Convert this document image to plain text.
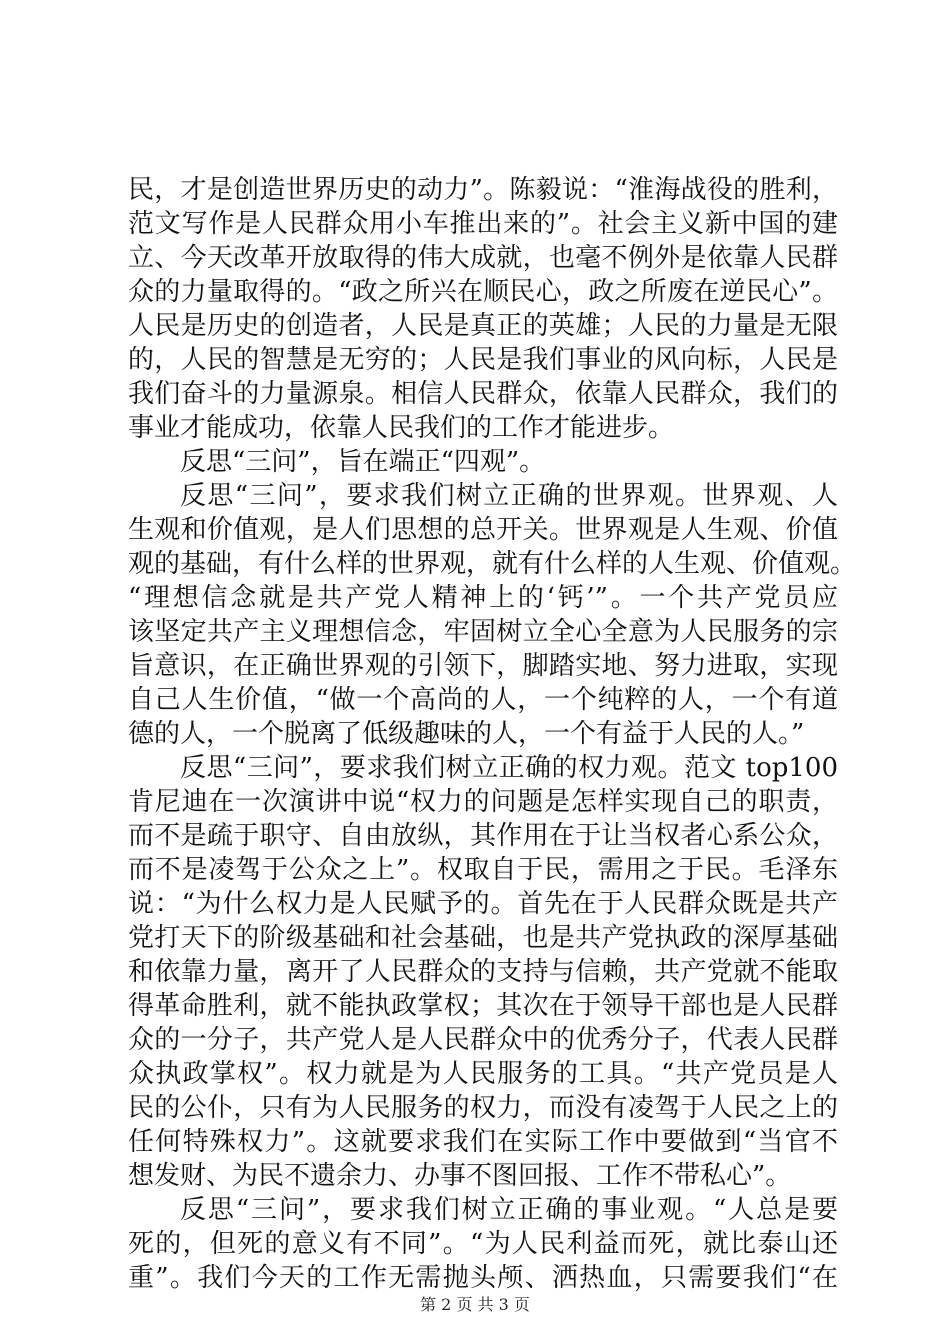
民，才是创造世界历史的动力”。陈毅说：“淮海战役的胜利，
范文写作是人民群众用小车推出来的”。社会主义新中国的建
立、今天改革开放取得的伟大成就，也毫不例外是依靠人民群
众的力量取得的。“政之所兴在顺民心，政之所废在逆民心”。
人民是历史的创造者，人民是真正的英雄；人民的力量是无限
的，人民的智慧是无穷的；人民是我们事业的风向标，人民是
我们奋斗的力量源泉。相信人民群众，依靠人民群众，我们的
事业才能成功，依靠人民我们的工作才能进步。
反思“三问”，旨在端正“四观”。
反思“三问”，要求我们树立正确的世界观。世界观、人
生观和价值观，是人们思想的总开关。世界观是人生观、价值
观的基础，有什么样的世界观，就有什么样的人生观、价值观。
“理想信念就是共产党人精神上的‘钙’”。一个共产党员应
该坚定共产主义理想信念，牢固树立全心全意为人民服务的宗
旨意识，在正确世界观的引领下，脚踏实地、努力进取，实现
自己人生价值，“做一个高尚的人，一个纯粹的人，一个有道
德的人，一个脱离了低级趣味的人，一个有益于人民的人。”
反思“三问”，要求我们树立正确的权力观。范文 top100
肯尼迪在一次演讲中说“权力的问题是怎样实现自己的职责，
而不是疏于职守、自由放纵，其作用在于让当权者心系公众，
而不是凌驾于公众之上”。权取自于民，需用之于民。毛泽东
说：“为什么权力是人民赋予的。首先在于人民群众既是共产
党打天下的阶级基础和社会基础，也是共产党执政的深厚基础
和依靠力量，离开了人民群众的支持与信赖，共产党就不能取
得革命胜利，就不能执政掌权；其次在于领导干部也是人民群
众的一分子，共产党人是人民群众中的优秀分子，代表人民群
众执政掌权”。权力就是为人民服务的工具。“共产党员是人
民的公仆，只有为人民服务的权力，而没有凌驾于人民之上的
任何特殊权力”。这就要求我们在实际工作中要做到“当官不
想发财、为民不遗余力、办事不图回报、工作不带私心”。
反思“三问”，要求我们树立正确的事业观。“人总是要
死的，但死的意义有不同”。“为人民利益而死，就比泰山还
重”。我们今天的工作无需抛头颅、洒热血，只需要我们“在
第 2 页 共 3 页
